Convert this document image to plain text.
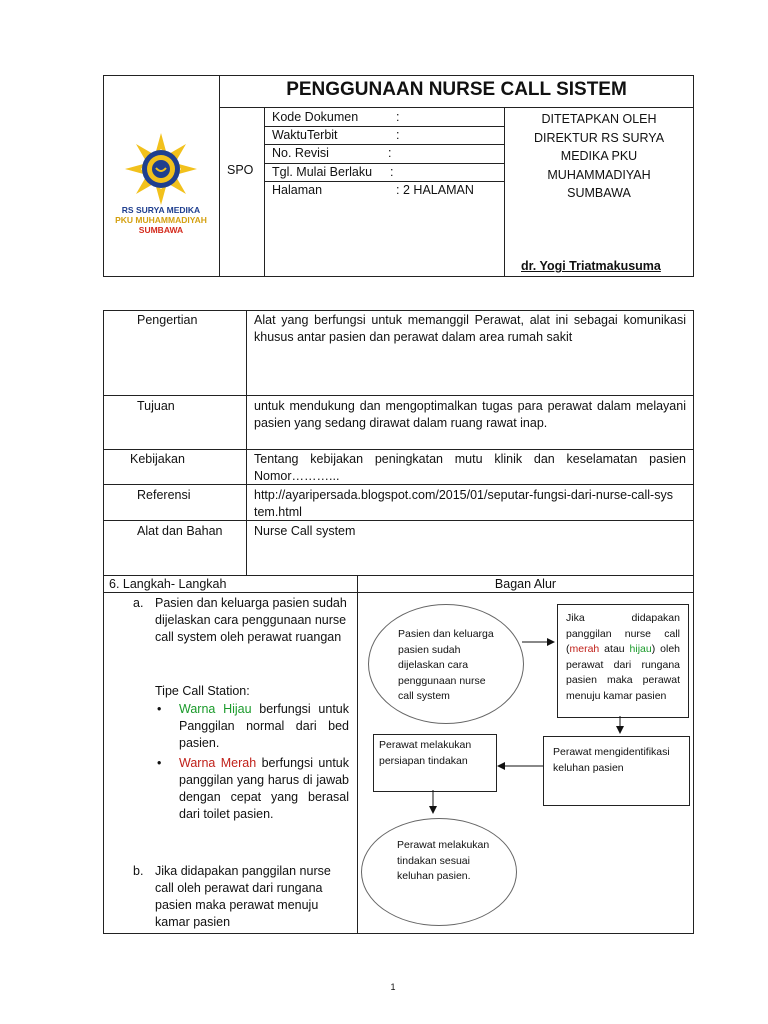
RS SURYA MEDIKA
PKU MUHAMMADIYAH
SUMBAWA
PENGGUNAAN NURSE CALL SISTEM
SPO
Kode Dokumen	:
WaktuTerbit	:
No. Revisi	:
Tgl. Mulai Berlaku :
Halaman	: 2 HALAMAN
DITETAPKAN OLEH
DIREKTUR RS SURYA
MEDIKA PKU
MUHAMMADIYAH
SUMBAWA
dr. Yogi Triatmakusuma
Pengertian	Alat yang berfungsi untuk memanggil Perawat, alat ini sebagai komunikasi khusus antar pasien dan perawat dalam area rumah sakit
Tujuan	untuk mendukung dan mengoptimalkan tugas para perawat dalam melayani pasien yang sedang dirawat dalam ruang rawat inap.
Kebijakan	Tentang kebijakan peningkatan mutu klinik dan keselamatan pasien Nomor………...
Referensi	http://ayaripersada.blogspot.com/2015/01/seputar-fungsi-dari-nurse-call-system.html
Alat dan Bahan	Nurse Call system
6. Langkah- Langkah	Bagan Alur
a. Pasien dan keluarga pasien sudah dijelaskan cara penggunaan nurse call system oleh perawat ruangan
Tipe Call Station:
• Warna Hijau berfungsi untuk Panggilan normal dari bed pasien.
• Warna Merah berfungsi untuk panggilan yang harus di jawab dengan cepat yang berasal dari toilet pasien.
b. Jika didapakan panggilan nurse call oleh perawat dari rungana pasien maka perawat menuju kamar pasien
Pasien dan keluarga pasien sudah dijelaskan cara penggunaan nurse call system
Jika didapakan panggilan nurse call (merah atau hijau) oleh perawat dari rungana pasien maka perawat menuju kamar pasien
Perawat mengidentifikasi keluhan pasien
Perawat melakukan persiapan tindakan
Perawat melakukan tindakan sesuai keluhan pasien.
1
